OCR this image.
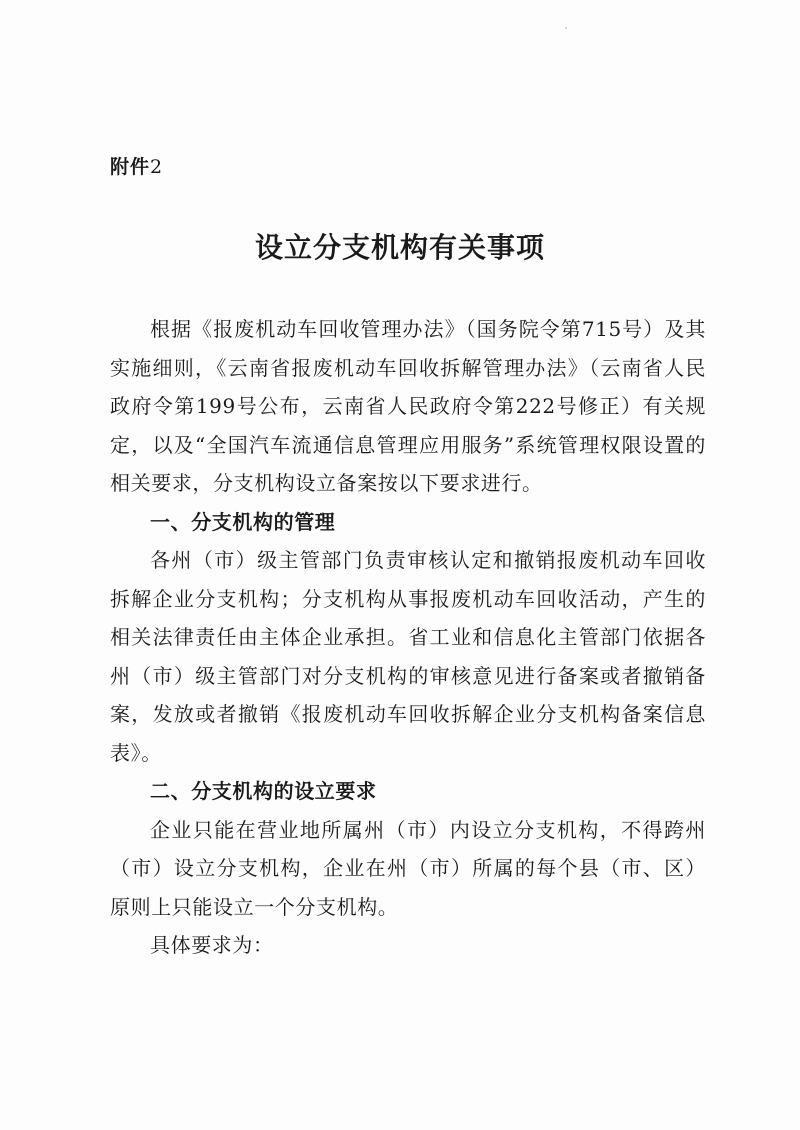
附件2
设立分支机构有关事项

根据《报废机动车回收管理办法》（国务院令第715号）及其实施细则，《云南省报废机动车回收拆解管理办法》（云南省人民政府令第199号公布，云南省人民政府令第222号修正）有关规定，以及“全国汽车流通信息管理应用服务”系统管理权限设置的相关要求，分支机构设立备案按以下要求进行。

一、分支机构的管理

各州（市）级主管部门负责审核认定和撤销报废机动车回收拆解企业分支机构；分支机构从事报废机动车回收活动，产生的相关法律责任由主体企业承担。省工业和信息化主管部门依据各州（市）级主管部门对分支机构的审核意见进行备案或者撤销备案，发放或者撤销《报废机动车回收拆解企业分支机构备案信息表》。

二、分支机构的设立要求

企业只能在营业地所属州（市）内设立分支机构，不得跨州（市）设立分支机构，企业在州（市）所属的每个县（市、区）原则上只能设立一个分支机构。

具体要求为：
